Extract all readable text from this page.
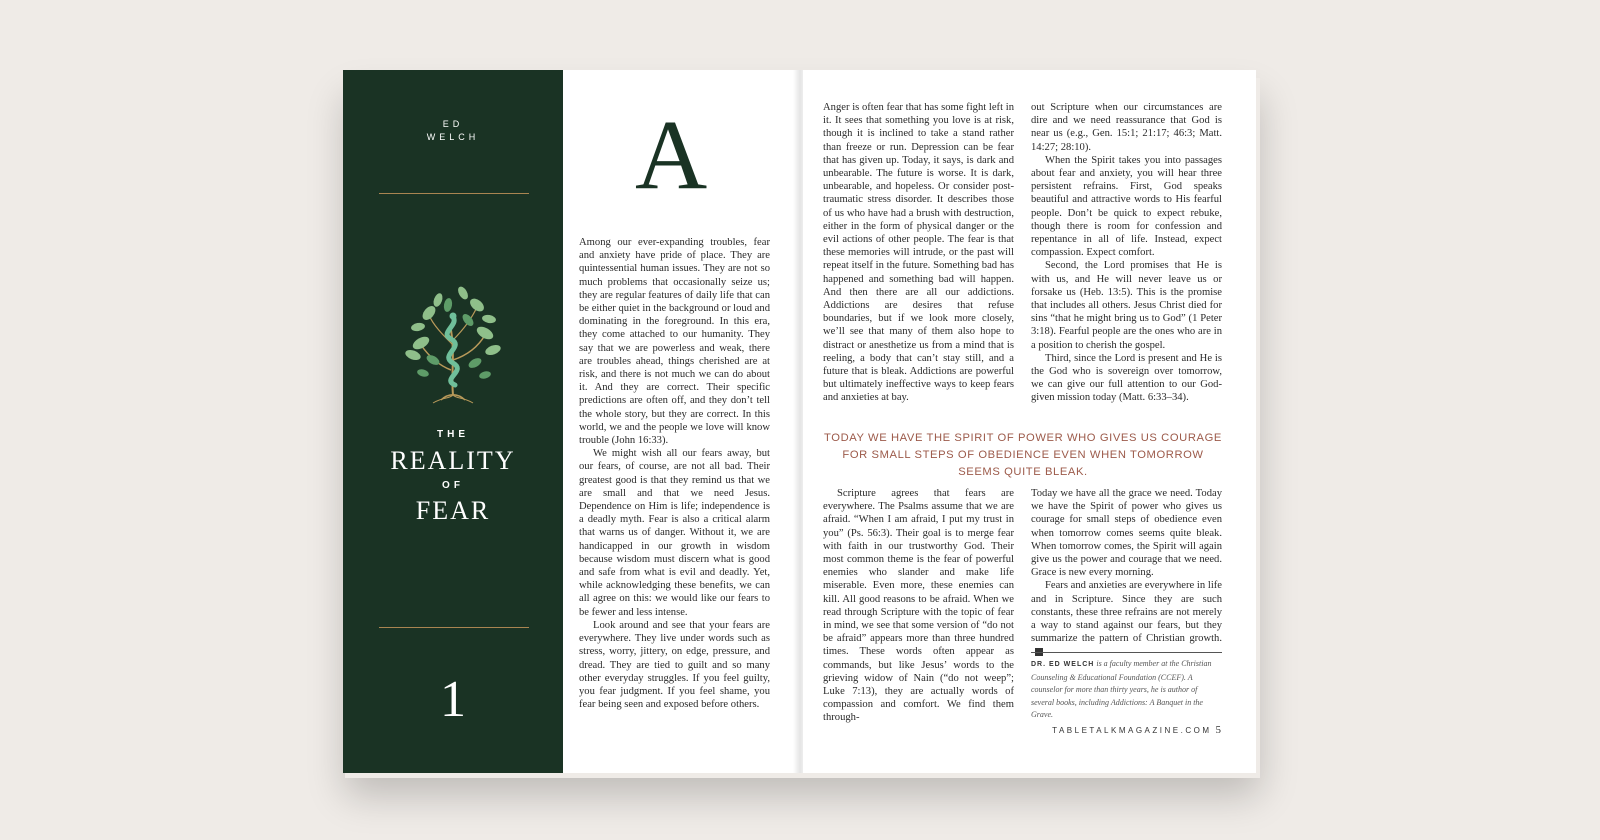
ED
WELCH
THE
REALITY
OF
FEAR
1
A

Among our ever-expanding troubles, fear and anxiety have pride of place. They are quintessential human issues. They are not so much problems that occasionally seize us; they are regular features of daily life that can be either quiet in the background or loud and dominating in the foreground. In this era, they come attached to our humanity. They say that we are powerless and weak, there are troubles ahead, things cherished are at risk, and there is not much we can do about it. And they are correct. Their specific predictions are often off, and they don’t tell the whole story, but they are correct. In this world, we and the people we love will know trouble (John 16:33).

We might wish all our fears away, but our fears, of course, are not all bad. Their greatest good is that they remind us that we are small and that we need Jesus. Dependence on Him is life; independence is a deadly myth. Fear is also a critical alarm that warns us of danger. Without it, we are handicapped in our growth in wisdom because wisdom must discern what is good and safe from what is evil and deadly. Yet, while acknowledging these benefits, we can all agree on this: we would like our fears to be fewer and less intense.

Look around and see that your fears are everywhere. They live under words such as stress, worry, jittery, on edge, pressure, and dread. They are tied to guilt and so many other everyday struggles. If you feel guilty, you fear judgment. If you feel shame, you fear being seen and exposed before others.

Anger is often fear that has some fight left in it. It sees that something you love is at risk, though it is inclined to take a stand rather than freeze or run. Depression can be fear that has given up. Today, it says, is dark and unbearable. The future is worse. It is dark, unbearable, and hopeless. Or consider post-traumatic stress disorder. It describes those of us who have had a brush with destruction, either in the form of physical danger or the evil actions of other people. The fear is that these memories will intrude, or the past will repeat itself in the future. Something bad has happened and something bad will happen. And then there are all our addictions. Addictions are desires that refuse boundaries, but if we look more closely, we’ll see that many of them also hope to distract or anesthetize us from a mind that is reeling, a body that can’t stay still, and a future that is bleak. Addictions are powerful but ultimately ineffective ways to keep fears and anxieties at bay.

out Scripture when our circumstances are dire and we need reassurance that God is near us (e.g., Gen. 15:1; 21:17; 46:3; Matt. 14:27; 28:10).

When the Spirit takes you into passages about fear and anxiety, you will hear three persistent refrains. First, God speaks beautiful and attractive words to His fearful people. Don’t be quick to expect rebuke, though there is room for confession and repentance in all of life. Instead, expect compassion. Expect comfort.

Second, the Lord promises that He is with us, and He will never leave us or forsake us (Heb. 13:5). This is the promise that includes all others. Jesus Christ died for sins “that he might bring us to God” (1 Peter 3:18). Fearful people are the ones who are in a position to cherish the gospel.

Third, since the Lord is present and He is the God who is sovereign over tomorrow, we can give our full attention to our God-given mission today (Matt. 6:33–34).

TODAY WE HAVE THE SPIRIT OF POWER WHO GIVES US COURAGE FOR SMALL STEPS OF OBEDIENCE EVEN WHEN TOMORROW SEEMS QUITE BLEAK.

Scripture agrees that fears are everywhere. The Psalms assume that we are afraid. “When I am afraid, I put my trust in you” (Ps. 56:3). Their goal is to merge fear with faith in our trustworthy God. Their most common theme is the fear of powerful enemies who slander and make life miserable. Even more, these enemies can kill. All good reasons to be afraid. When we read through Scripture with the topic of fear in mind, we see that some version of “do not be afraid” appears more than three hundred times. These words often appear as commands, but like Jesus’ words to the grieving widow of Nain (“do not weep”; Luke 7:13), they are actually words of compassion and comfort. We find them through-

Today we have all the grace we need. Today we have the Spirit of power who gives us courage for small steps of obedience even when tomorrow comes seems quite bleak. When tomorrow comes, the Spirit will again give us the power and courage that we need. Grace is new every morning.

Fears and anxieties are everywhere in life and in Scripture. Since they are such constants, these three refrains are not merely a way to stand against our fears, but they summarize the pattern of Christian growth.

DR. ED WELCH is a faculty member at the Christian Counseling & Educational Foundation (CCEF). A counselor for more than thirty years, he is author of several books, including Addictions: A Banquet in the Grave.
TABLETALKMAGAZINE.COM 5
